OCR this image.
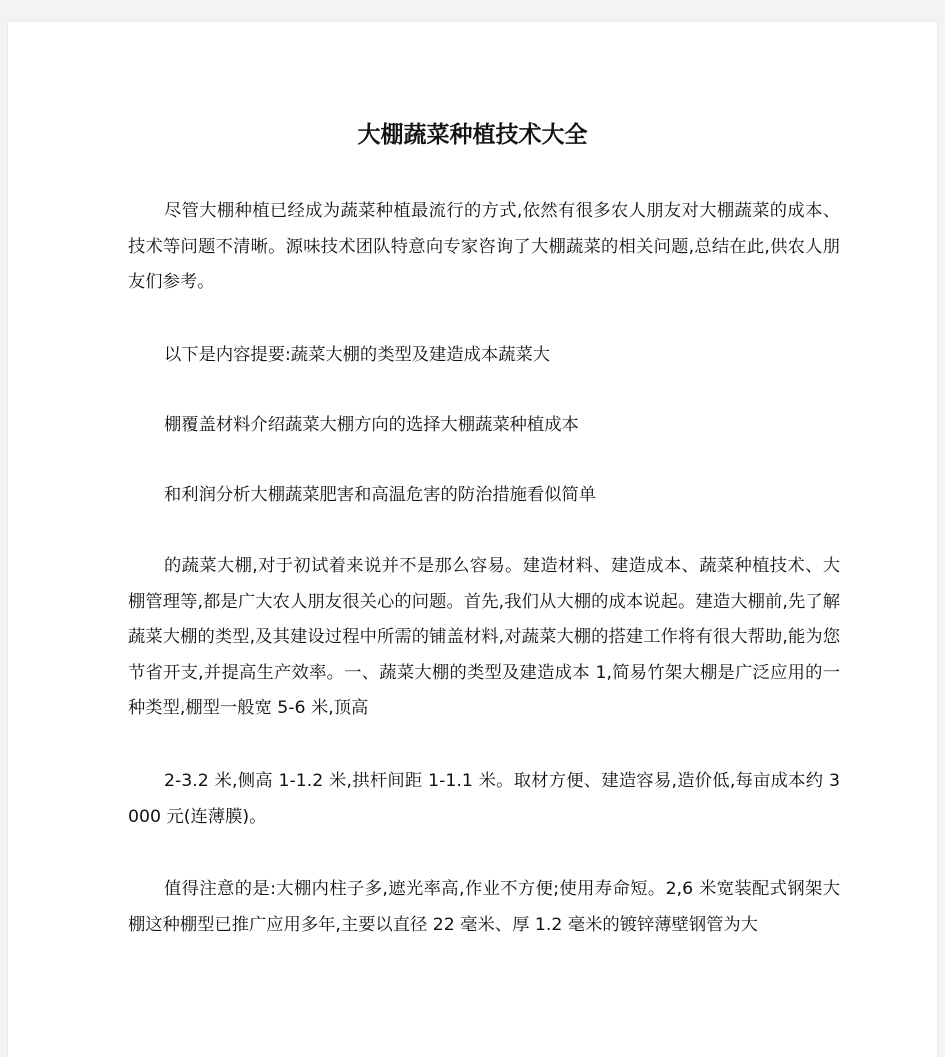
大棚蔬菜种植技术大全

尽管大棚种植已经成为蔬菜种植最流行的方式,依然有很多农人朋友对大棚蔬菜的成本、技术等问题不清晰。源味技术团队特意向专家咨询了大棚蔬菜的相关问题,总结在此,供农人朋友们参考。

以下是内容提要:蔬菜大棚的类型及建造成本蔬菜大

棚覆盖材料介绍蔬菜大棚方向的选择大棚蔬菜种植成本

和利润分析大棚蔬菜肥害和高温危害的防治措施看似简单

的蔬菜大棚,对于初试着来说并不是那么容易。建造材料、建造成本、蔬菜种植技术、大棚管理等,都是广大农人朋友很关心的问题。首先,我们从大棚的成本说起。建造大棚前,先了解蔬菜大棚的类型,及其建设过程中所需的铺盖材料,对蔬菜大棚的搭建工作将有很大帮助,能为您节省开支,并提高生产效率。一、蔬菜大棚的类型及建造成本 1,简易竹架大棚是广泛应用的一种类型,棚型一般宽 5-6 米,顶高

2-3.2 米,侧高 1-1.2 米,拱杆间距 1-1.1 米。取材方便、建造容易,造价低,每亩成本约 3000 元(连薄膜)。

值得注意的是:大棚内柱子多,遮光率高,作业不方便;使用寿命短。2,6 米宽装配式钢架大棚这种棚型已推广应用多年,主要以直径 22 毫米、厚 1.2 毫米的镀锌薄壁钢管为大
